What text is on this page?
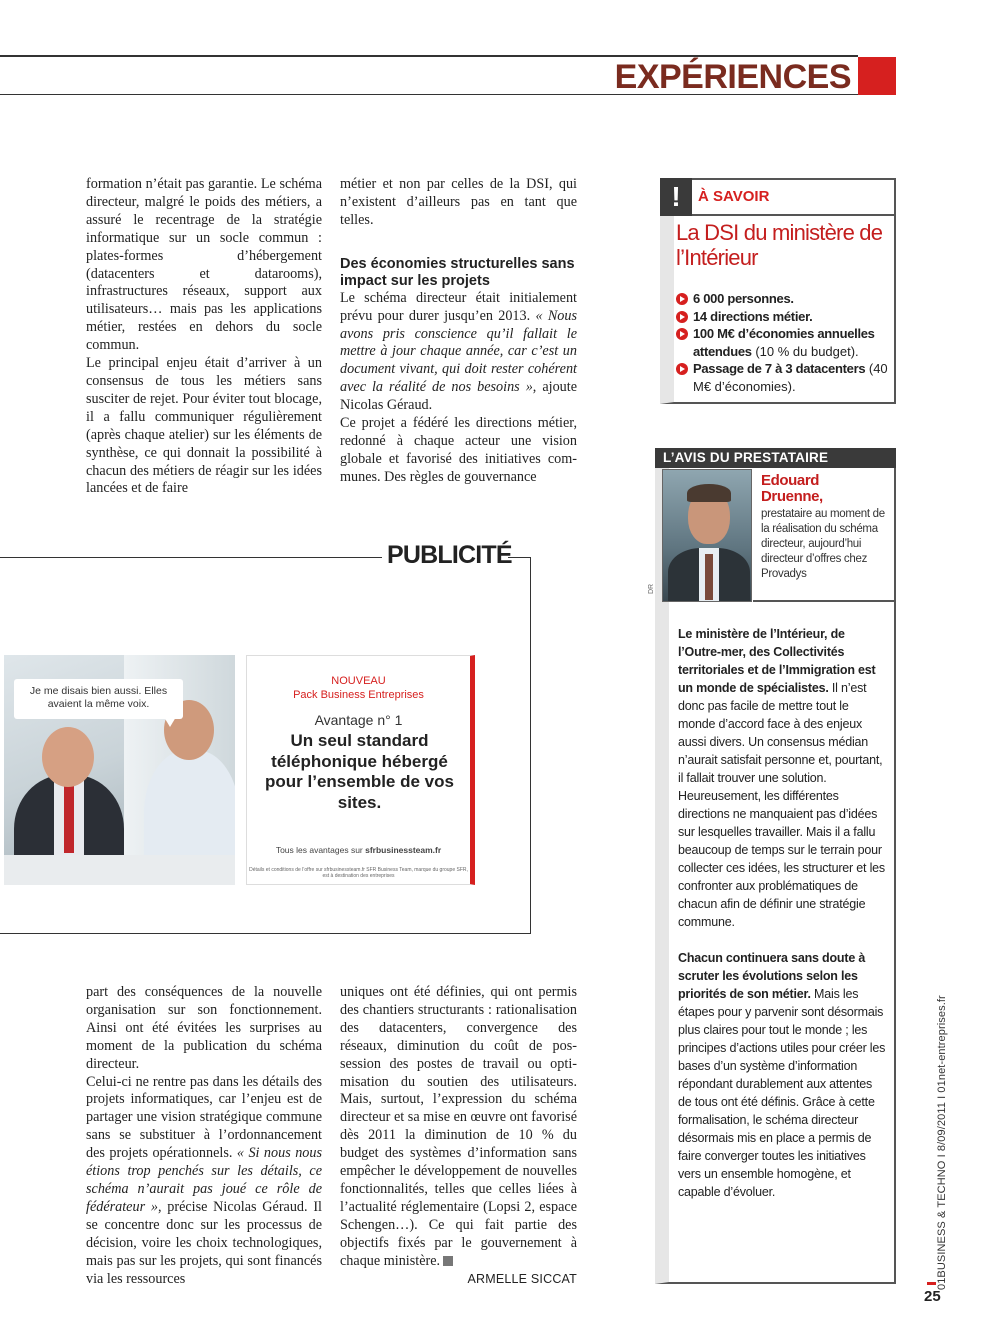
EXPÉRIENCES

formation n’était pas garantie. Le schéma directeur, malgré le poids des métiers, a assuré le recentrage de la stratégie informatique sur un socle commun : plates-formes d’hébergement (datacenters et datarooms), infrastructures réseaux, support aux utilisateurs… mais pas les applications métier, restées en dehors du socle commun.

Le principal enjeu était d’arriver à un consensus de tous les métiers sans susciter de rejet. Pour éviter tout blocage, il a fallu communiquer régulièrement (après chaque atelier) sur les éléments de synthèse, ce qui donnait la possibilité à chacun des métiers de réagir sur les idées lancées et de faire

métier et non par celles de la DSI, qui n’existent d’ailleurs pas en tant que telles.

Des économies structurelles sans impact sur les projets

Le schéma directeur était initialement prévu pour durer jusqu’en 2013. « Nous avons pris conscience qu’il fallait le mettre à jour chaque année, car c’est un document vivant, qui doit rester cohérent avec la réalité de nos besoins », ajoute Nicolas Géraud.

Ce projet a fédéré les directions métier, redonné à chaque acteur une vision globale et favorisé des initiatives communes. Des règles de gouvernance

!	À SAVOIR
La DSI du ministère de l’Intérieur
6 000 personnes.
14 directions métier.
100 M€ d’économies annuelles attendues (10 % du budget).
Passage de 7 à 3 datacenters (40 M€ d’économies).
L’AVIS DU PRESTATAIRE
DR
Edouard
Druenne,
prestataire au moment de la réalisation du schéma directeur, aujourd’hui directeur d’offres chez Provadys

Le ministère de l’Intérieur, de l’Outre-mer, des Collectivités territoriales et de l’Immigration est un monde de spécialistes. Il n’est donc pas facile de mettre tout le monde d’accord face à des enjeux aussi divers. Un consensus médian n’aurait satisfait personne et, pourtant, il fallait trouver une solution. Heureusement, les différentes directions ne manquaient pas d’idées sur lesquelles travailler. Mais il a fallu beaucoup de temps sur le terrain pour collecter ces idées, les structurer et les confronter aux problématiques de chacun afin de définir une stratégie commune.

Chacun continuera sans doute à scruter les évolutions selon les priorités de son métier. Mais les étapes pour y parvenir sont désormais plus claires pour tout le monde ; les principes d’actions utiles pour créer les bases d’un système d’information répondant durablement aux attentes de tous ont été définis. Grâce à cette formalisation, le schéma directeur désormais mis en place a permis de faire converger toutes les initiatives vers un ensemble homogène, et capable d’évoluer.

PUBLICITÉ
Je me disais bien aussi. Elles avaient la même voix.
NOUVEAU
Pack Business Entreprises
Avantage n° 1
Un seul standard téléphonique hébergé pour l’ensemble de vos sites.
Tous les avantages sur sfrbusinessteam.fr
Détails et conditions de l’offre sur sfrbusinessteam.fr SFR Business Team, marque du groupe SFR, est à destination des entreprises

part des conséquences de la nouvelle organisation sur son fonctionnement. Ainsi ont été évitées les surprises au moment de la publication du schéma directeur.

Celui-ci ne rentre pas dans les détails des projets informatiques, car l’enjeu est de partager une vision stratégique commune sans se substituer à l’ordonnancement des projets opérationnels. « Si nous nous étions trop penchés sur les détails, ce schéma n’aurait pas joué ce rôle de fédérateur », précise Nicolas Géraud. Il se concentre donc sur les processus de décision, voire les choix technologiques, mais pas sur les projets, qui sont financés via les ressources

uniques ont été définies, qui ont permis des chantiers structurants : rationalisation des datacenters, convergence des réseaux, diminution du coût de possession des postes de travail ou optimisation du soutien des utilisateurs. Mais, surtout, l’expression du schéma directeur et sa mise en œuvre ont favorisé dès 2011 la diminution de 10 % du budget des systèmes d’information sans empêcher le développement de nouvelles fonctionnalités, telles que celles liées à l’actualité réglementaire (Lopsi 2, espace Schengen…). Ce qui fait partie des objectifs fixés par le gouvernement à chaque ministère.

ARMELLE SICCAT	01BUSINESS & TECHNO I 8/09/2011 I 01net-entreprises.fr
25
